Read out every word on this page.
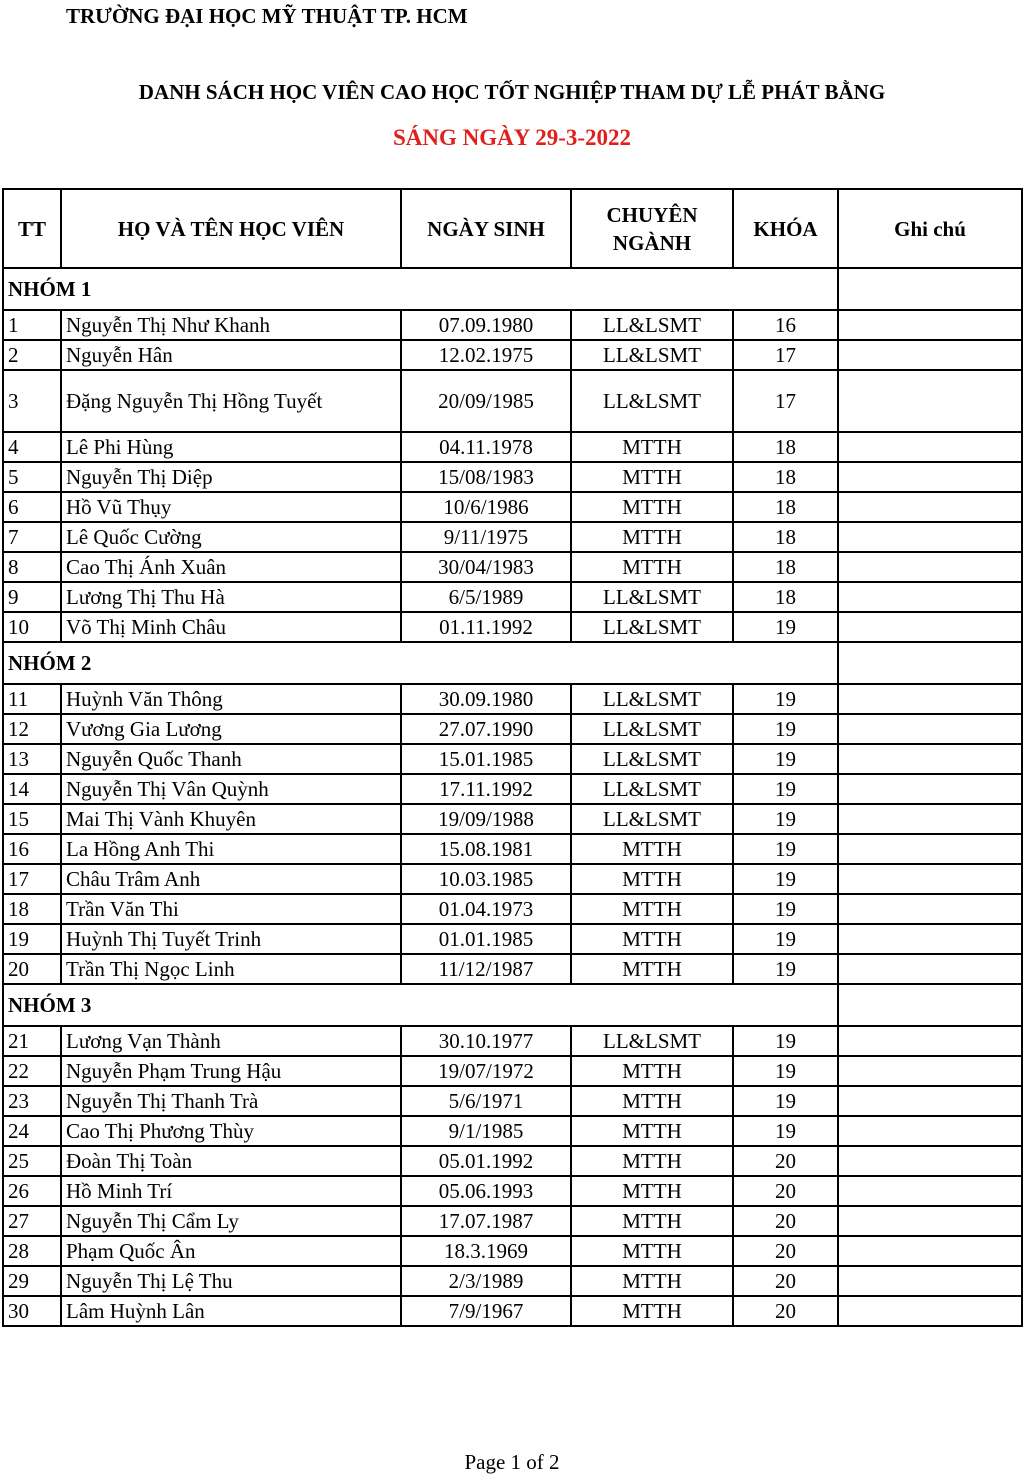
TRƯỜNG ĐẠI HỌC MỸ THUẬT TP. HCM

DANH SÁCH HỌC VIÊN CAO HỌC TỐT NGHIỆP THAM DỰ LỄ PHÁT BẰNG

SÁNG NGÀY 29-3-2022

TT	HỌ VÀ TÊN HỌC VIÊN	NGÀY SINH	CHUYÊN
NGÀNH	KHÓA	Ghi chú
NHÓM 1					
1	Nguyễn Thị Như Khanh	07.09.1980	LL&LSMT	16	
2	Nguyễn Hân	12.02.1975	LL&LSMT	17	
3	Đặng Nguyễn Thị Hồng Tuyết	20/09/1985	LL&LSMT	17	
4	Lê Phi Hùng	04.11.1978	MTTH	18	
5	Nguyễn Thị Diệp	15/08/1983	MTTH	18	
6	Hồ Vũ Thụy	10/6/1986	MTTH	18	
7	Lê Quốc Cường	9/11/1975	MTTH	18	
8	Cao Thị Ánh Xuân	30/04/1983	MTTH	18	
9	Lương Thị Thu Hà	6/5/1989	LL&LSMT	18	
10	Võ Thị Minh Châu	01.11.1992	LL&LSMT	19	
NHÓM 2					
11	Huỳnh Văn Thông	30.09.1980	LL&LSMT	19	
12	Vương Gia Lương	27.07.1990	LL&LSMT	19	
13	Nguyễn Quốc Thanh	15.01.1985	LL&LSMT	19	
14	Nguyễn Thị Vân Quỳnh	17.11.1992	LL&LSMT	19	
15	Mai Thị Vành Khuyên	19/09/1988	LL&LSMT	19	
16	La Hồng Anh Thi	15.08.1981	MTTH	19	
17	Châu Trâm Anh	10.03.1985	MTTH	19	
18	Trần Văn Thi	01.04.1973	MTTH	19	
19	Huỳnh Thị Tuyết Trinh	01.01.1985	MTTH	19	
20	Trần Thị Ngọc Linh	11/12/1987	MTTH	19	
NHÓM 3					
21	Lương Vạn Thành	30.10.1977	LL&LSMT	19	
22	Nguyễn Phạm Trung Hậu	19/07/1972	MTTH	19	
23	Nguyễn Thị Thanh Trà	5/6/1971	MTTH	19	
24	Cao Thị Phương Thùy	9/1/1985	MTTH	19	
25	Đoàn Thị Toàn	05.01.1992	MTTH	20	
26	Hồ Minh Trí	05.06.1993	MTTH	20	
27	Nguyễn Thị Cẩm Ly	17.07.1987	MTTH	20	
28	Phạm Quốc Ân	18.3.1969	MTTH	20	
29	Nguyễn Thị Lệ Thu	2/3/1989	MTTH	20	
30	Lâm Huỳnh Lân	7/9/1967	MTTH	20	

Page 1 of 2
